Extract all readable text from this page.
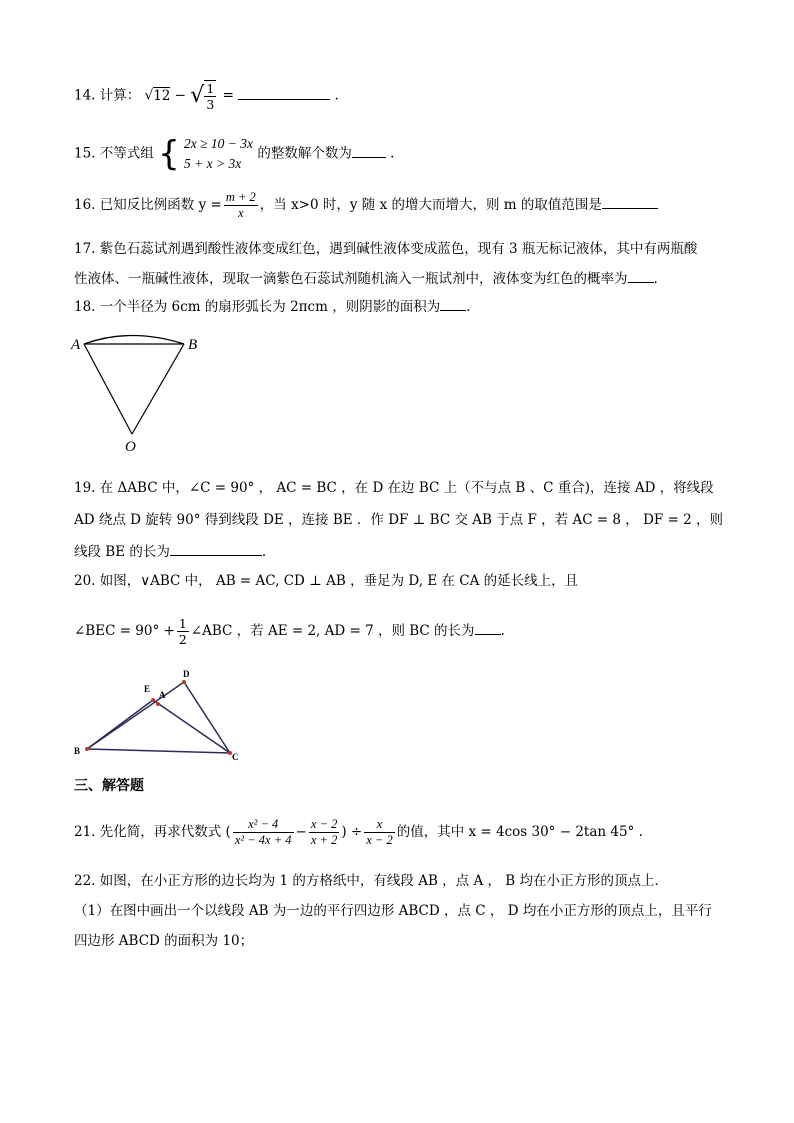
14. 计算： √12 − √ $\frac{1}{3}$ =	.
15. 不等式组 { 2x ≥ 10 − 3x
5 + x > 3x
的整数解个数为	.
16. 已知反比例函数 $y = \frac{m + 2}{x}$ ，当 x>0 时，y 随 x 的增大而增大，则 m 的取值范围是
17. 紫色石蕊试剂遇到酸性液体变成红色，遇到碱性液体变成蓝色，现有 3 瓶无标记液体，其中有两瓶酸
性液体、一瓶碱性液体，现取一滴紫色石蕊试剂随机滴入一瓶试剂中，液体变为红色的概率为 .
18. 一个半径为 6cm 的扇形弧长为 2πcm ，则阴影的面积为 .
A	B
O
19. 在 ΔABC 中，∠C = 90° ， AC = BC ，在 D 在边 BC 上（不与点 B 、C 重合)，连接 AD ，将线段
AD 绕点 D 旋转 90° 得到线段 DE ，连接 BE ．作 DF ⊥ BC 交 AB 于点 F ，若 AC = 8 ， DF = 2 ，则
线段 BE 的长为	.
20. 如图，∨ABC 中， AB = AC, CD ⊥ AB ，垂足为 D, E 在 CA 的延长线上，且
∠BEC = $90^\circ + \frac{1}{2}$ ∠ABC ，若 AE = 2, AD = 7 ，则 BC 的长为 .
E
A
D
B
C
三、解答题
21. 先化简，再求代数式 ( $\frac{\text{x² − 4}}{\text{x² − 4x + 4}} - \frac{x - 2}{x + 2}$ ) ÷ $\frac{x}{x - 2}$ 的值，其中 x = 4cos 30° − 2tan 45° .
22. 如图，在小正方形的边长均为 1 的方格纸中，有线段 AB ，点 A ， B 均在小正方形的顶点上．
（1）在图中画出一个以线段 AB 为一边的平行四边形 ABCD ，点 C ， D 均在小正方形的顶点上，且平行
四边形 ABCD 的面积为 10；
